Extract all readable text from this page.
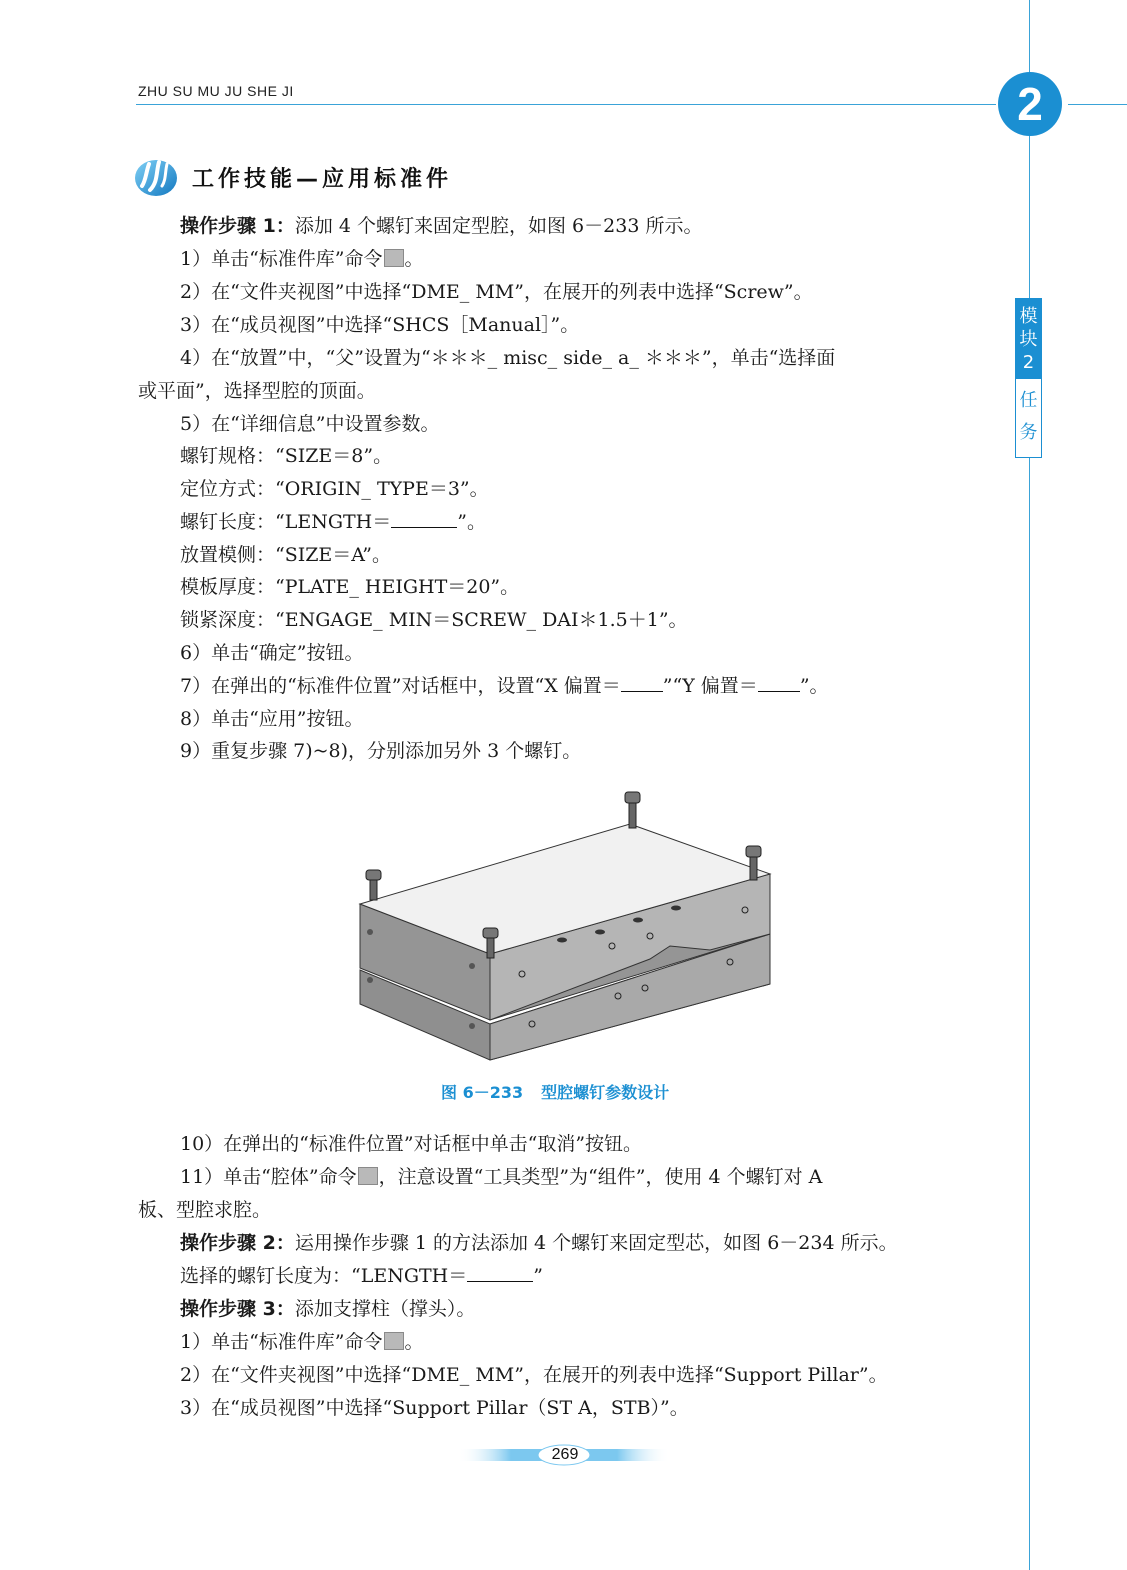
ZHU SU MU JU SHE JI	2
模
块
2
任
务
工作技能—应用标准件
操作步骤 1：添加 4 个螺钉来固定型腔，如图 6－233 所示。
1）单击“标准件库”命令 。
2）在“文件夹视图”中选择“DME_ MM”，在展开的列表中选择“Screw”。
3）在“成员视图”中选择“SHCS［Manual］”。
4）在“放置”中，“父”设置为“＊＊＊_ misc_ side_ a_ ＊＊＊”，单击“选择面
或平面”，选择型腔的顶面。
5）在“详细信息”中设置参数。
螺钉规格：“SIZE＝8”。
定位方式：“ORIGIN_ TYPE＝3”。
螺钉长度：“LENGTH＝	”。
放置模侧：“SIZE＝A”。
模板厚度：“PLATE_ HEIGHT＝20”。
锁紧深度：“ENGAGE_ MIN＝SCREW_ DAI＊1.5＋1”。
6）单击“确定”按钮。
7）在弹出的“标准件位置”对话框中，设置“X 偏置＝ ”“Y 偏置＝ ”。
8）单击“应用”按钮。
9）重复步骤 7)~8)，分别添加另外 3 个螺钉。
图 6－233 型腔螺钉参数设计
10）在弹出的“标准件位置”对话框中单击“取消”按钮。
11）单击“腔体”命令 ，注意设置“工具类型”为“组件”，使用 4 个螺钉对 A
板、型腔求腔。
操作步骤 2：运用操作步骤 1 的方法添加 4 个螺钉来固定型芯，如图 6－234 所示。
选择的螺钉长度为：“LENGTH＝	”
操作步骤 3：添加支撑柱（撑头）。
1）单击“标准件库”命令 。
2）在“文件夹视图”中选择“DME_ MM”，在展开的列表中选择“Support Pillar”。
3）在“成员视图”中选择“Support Pillar（ST A，STB）”。
269
